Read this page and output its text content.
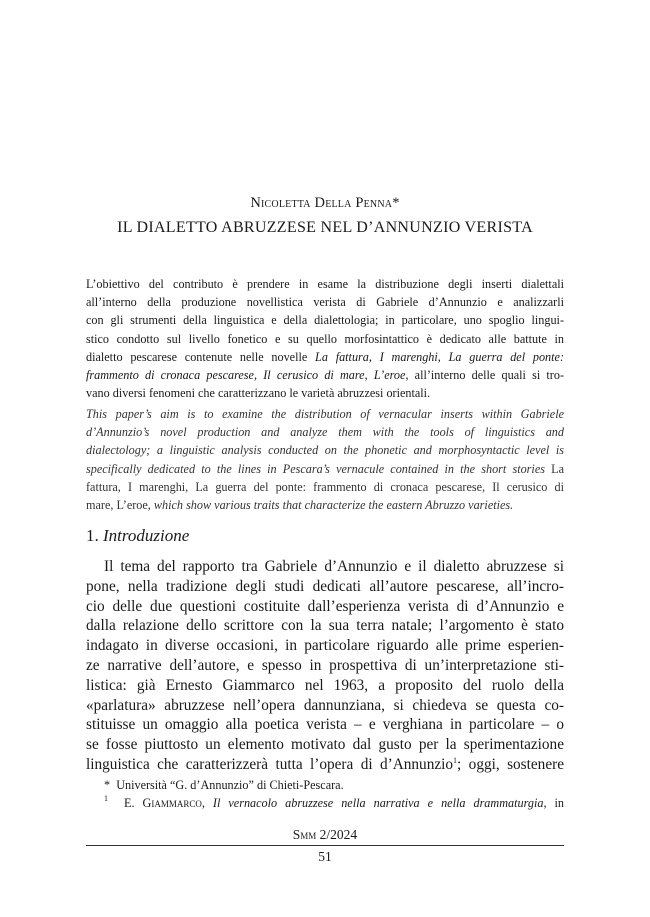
Nicoletta Della Penna*
IL DIALETTO ABRUZZESE NEL D’ANNUNZIO VERISTA
L’obiettivo del contributo è prendere in esame la distribuzione degli inserti dialettali
all’interno della produzione novellistica verista di Gabriele d’Annunzio e analizzarli
con gli strumenti della linguistica e della dialettologia; in particolare, uno spoglio lingui-
stico condotto sul livello fonetico e su quello morfosintattico è dedicato alle battute in
dialetto pescarese contenute nelle novelle La fattura, I marenghi, La guerra del ponte:
frammento di cronaca pescarese, Il cerusico di mare, L’eroe, all’interno delle quali si tro-
vano diversi fenomeni che caratterizzano le varietà abruzzesi orientali.
This paper’s aim is to examine the distribution of vernacular inserts within Gabriele
d’Annunzio’s novel production and analyze them with the tools of linguistics and
dialectology; a linguistic analysis conducted on the phonetic and morphosyntactic level is
specifically dedicated to the lines in Pescara’s vernacule contained in the short stories La
fattura, I marenghi, La guerra del ponte: frammento di cronaca pescarese, Il cerusico di
mare, L’eroe, which show various traits that characterize the eastern Abruzzo varieties.
1. Introduzione
Il tema del rapporto tra Gabriele d’Annunzio e il dialetto abruzzese si
pone, nella tradizione degli studi dedicati all’autore pescarese, all’incro-
cio delle due questioni costituite dall’esperienza verista di d’Annunzio e
dalla relazione dello scrittore con la sua terra natale; l’argomento è stato
indagato in diverse occasioni, in particolare riguardo alle prime esperien-
ze narrative dell’autore, e spesso in prospettiva di un’interpretazione sti-
listica: già Ernesto Giammarco nel 1963, a proposito del ruolo della
«parlatura» abruzzese nell’opera dannunziana, si chiedeva se questa co-
stituisse un omaggio alla poetica verista – e verghiana in particolare – o
se fosse piuttosto un elemento motivato dal gusto per la sperimentazione
linguistica che caratterizzerà tutta l’opera di d’Annunzio$^1$; oggi, sostenere
* Università “G. d’Annunzio” di Chieti-Pescara.
$^1$ E. Giammarco, Il vernacolo abruzzese nella narrativa e nella drammaturgia, in
Smm 2/2024
51
